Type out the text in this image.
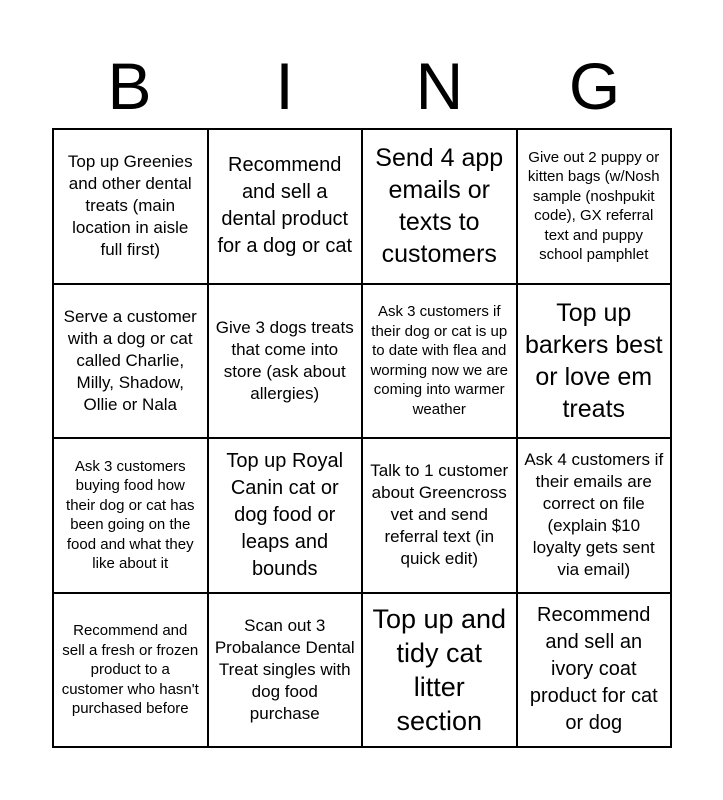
B	I	N	G
Top up Greenies and other dental treats (main location in aisle full first)
Recommend and sell a dental product for a dog or cat
Send 4 app emails or texts to customers
Give out 2 puppy or kitten bags (w/Nosh sample (noshpukit code), GX referral text and puppy school pamphlet
Serve a customer with a dog or cat called Charlie, Milly, Shadow, Ollie or Nala
Give 3 dogs treats that come into store (ask about allergies)
Ask 3 customers if their dog or cat is up to date with flea and worming now we are coming into warmer weather
Top up barkers best or love em treats
Ask 3 customers buying food how their dog or cat has been going on the food and what they like about it
Top up Royal Canin cat or dog food or leaps and bounds
Talk to 1 customer about Greencross vet and send referral text (in quick edit)
Ask 4 customers if their emails are correct on file (explain $10 loyalty gets sent via email)
Recommend and sell a fresh or frozen product to a customer who hasn't purchased before
Scan out 3 Probalance Dental Treat singles with dog food purchase
Top up and tidy cat litter section
Recommend and sell an ivory coat product for cat or dog
